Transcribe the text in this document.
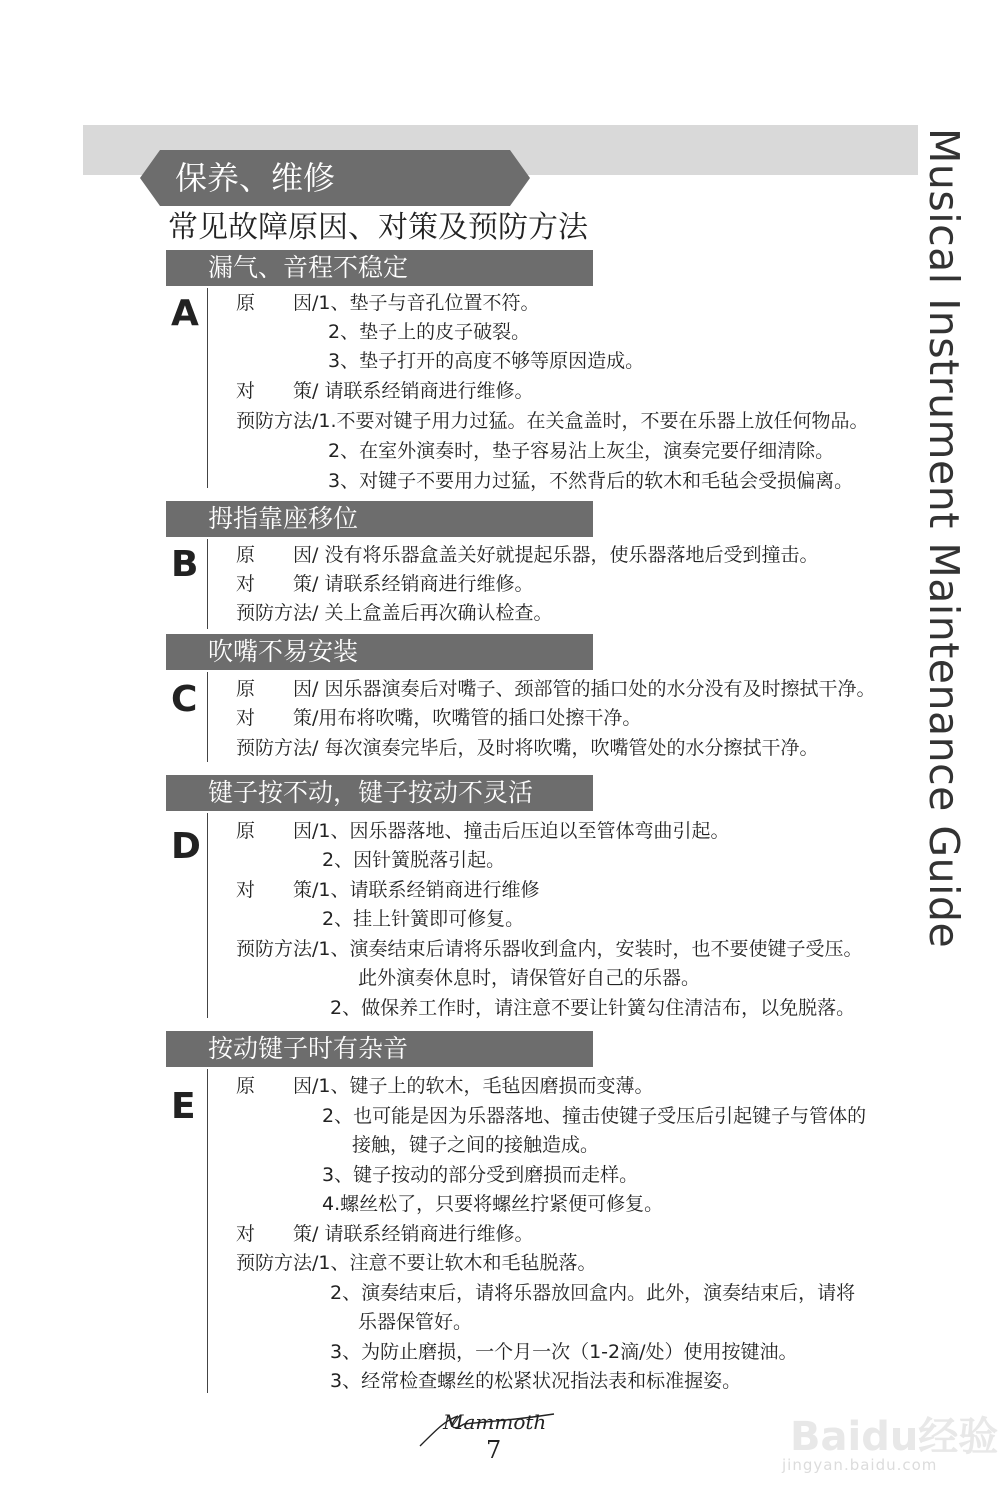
Musical Instrument Maintenance Guide
保养、维修
常见故障原因、对策及预防方法
漏气、音程不稳定
A 原　　因/1、垫子与音孔位置不符。
2、垫子上的皮子破裂。
3、垫子打开的高度不够等原因造成。
对　　策/ 请联系经销商进行维修。
预防方法/1.不要对键子用力过猛。在关盒盖时，不要在乐器上放任何物品。
2、在室外演奏时，垫子容易沾上灰尘，演奏完要仔细清除。
3、对键子不要用力过猛，不然背后的软木和毛毡会受损偏离。
拇指靠座移位
B 原　　因/ 没有将乐器盒盖关好就提起乐器，使乐器落地后受到撞击。
对　　策/ 请联系经销商进行维修。
预防方法/ 关上盒盖后再次确认检查。
吹嘴不易安装
C 原　　因/ 因乐器演奏后对嘴子、颈部管的插口处的水分没有及时擦拭干净。
对　　策/用布将吹嘴，吹嘴管的插口处擦干净。
预防方法/ 每次演奏完毕后，及时将吹嘴，吹嘴管处的水分擦拭干净。
键子按不动，键子按动不灵活
D 原　　因/1、因乐器落地、撞击后压迫以至管体弯曲引起。
2、因针簧脱落引起。
对　　策/1、请联系经销商进行维修
2、挂上针簧即可修复。
预防方法/1、演奏结束后请将乐器收到盒内，安装时，也不要使键子受压。
此外演奏休息时，请保管好自己的乐器。
2、做保养工作时，请注意不要让针簧勾住清洁布，以免脱落。
按动键子时有杂音
E 原　　因/1、键子上的软木，毛毡因磨损而变薄。
2、也可能是因为乐器落地、撞击使键子受压后引起键子与管体的
接触，键子之间的接触造成。
3、键子按动的部分受到磨损而走样。
4.螺丝松了，只要将螺丝拧紧便可修复。
对　　策/ 请联系经销商进行维修。
预防方法/1、注意不要让软木和毛毡脱落。
2、演奏结束后，请将乐器放回盒内。此外，演奏结束后，请将
乐器保管好。
3、为防止磨损，一个月一次（1-2滴/处）使用按键油。
3、经常检查螺丝的松紧状况指法表和标准握姿。
Mammoth
7	Baidu经验
jingyan.baidu.com
